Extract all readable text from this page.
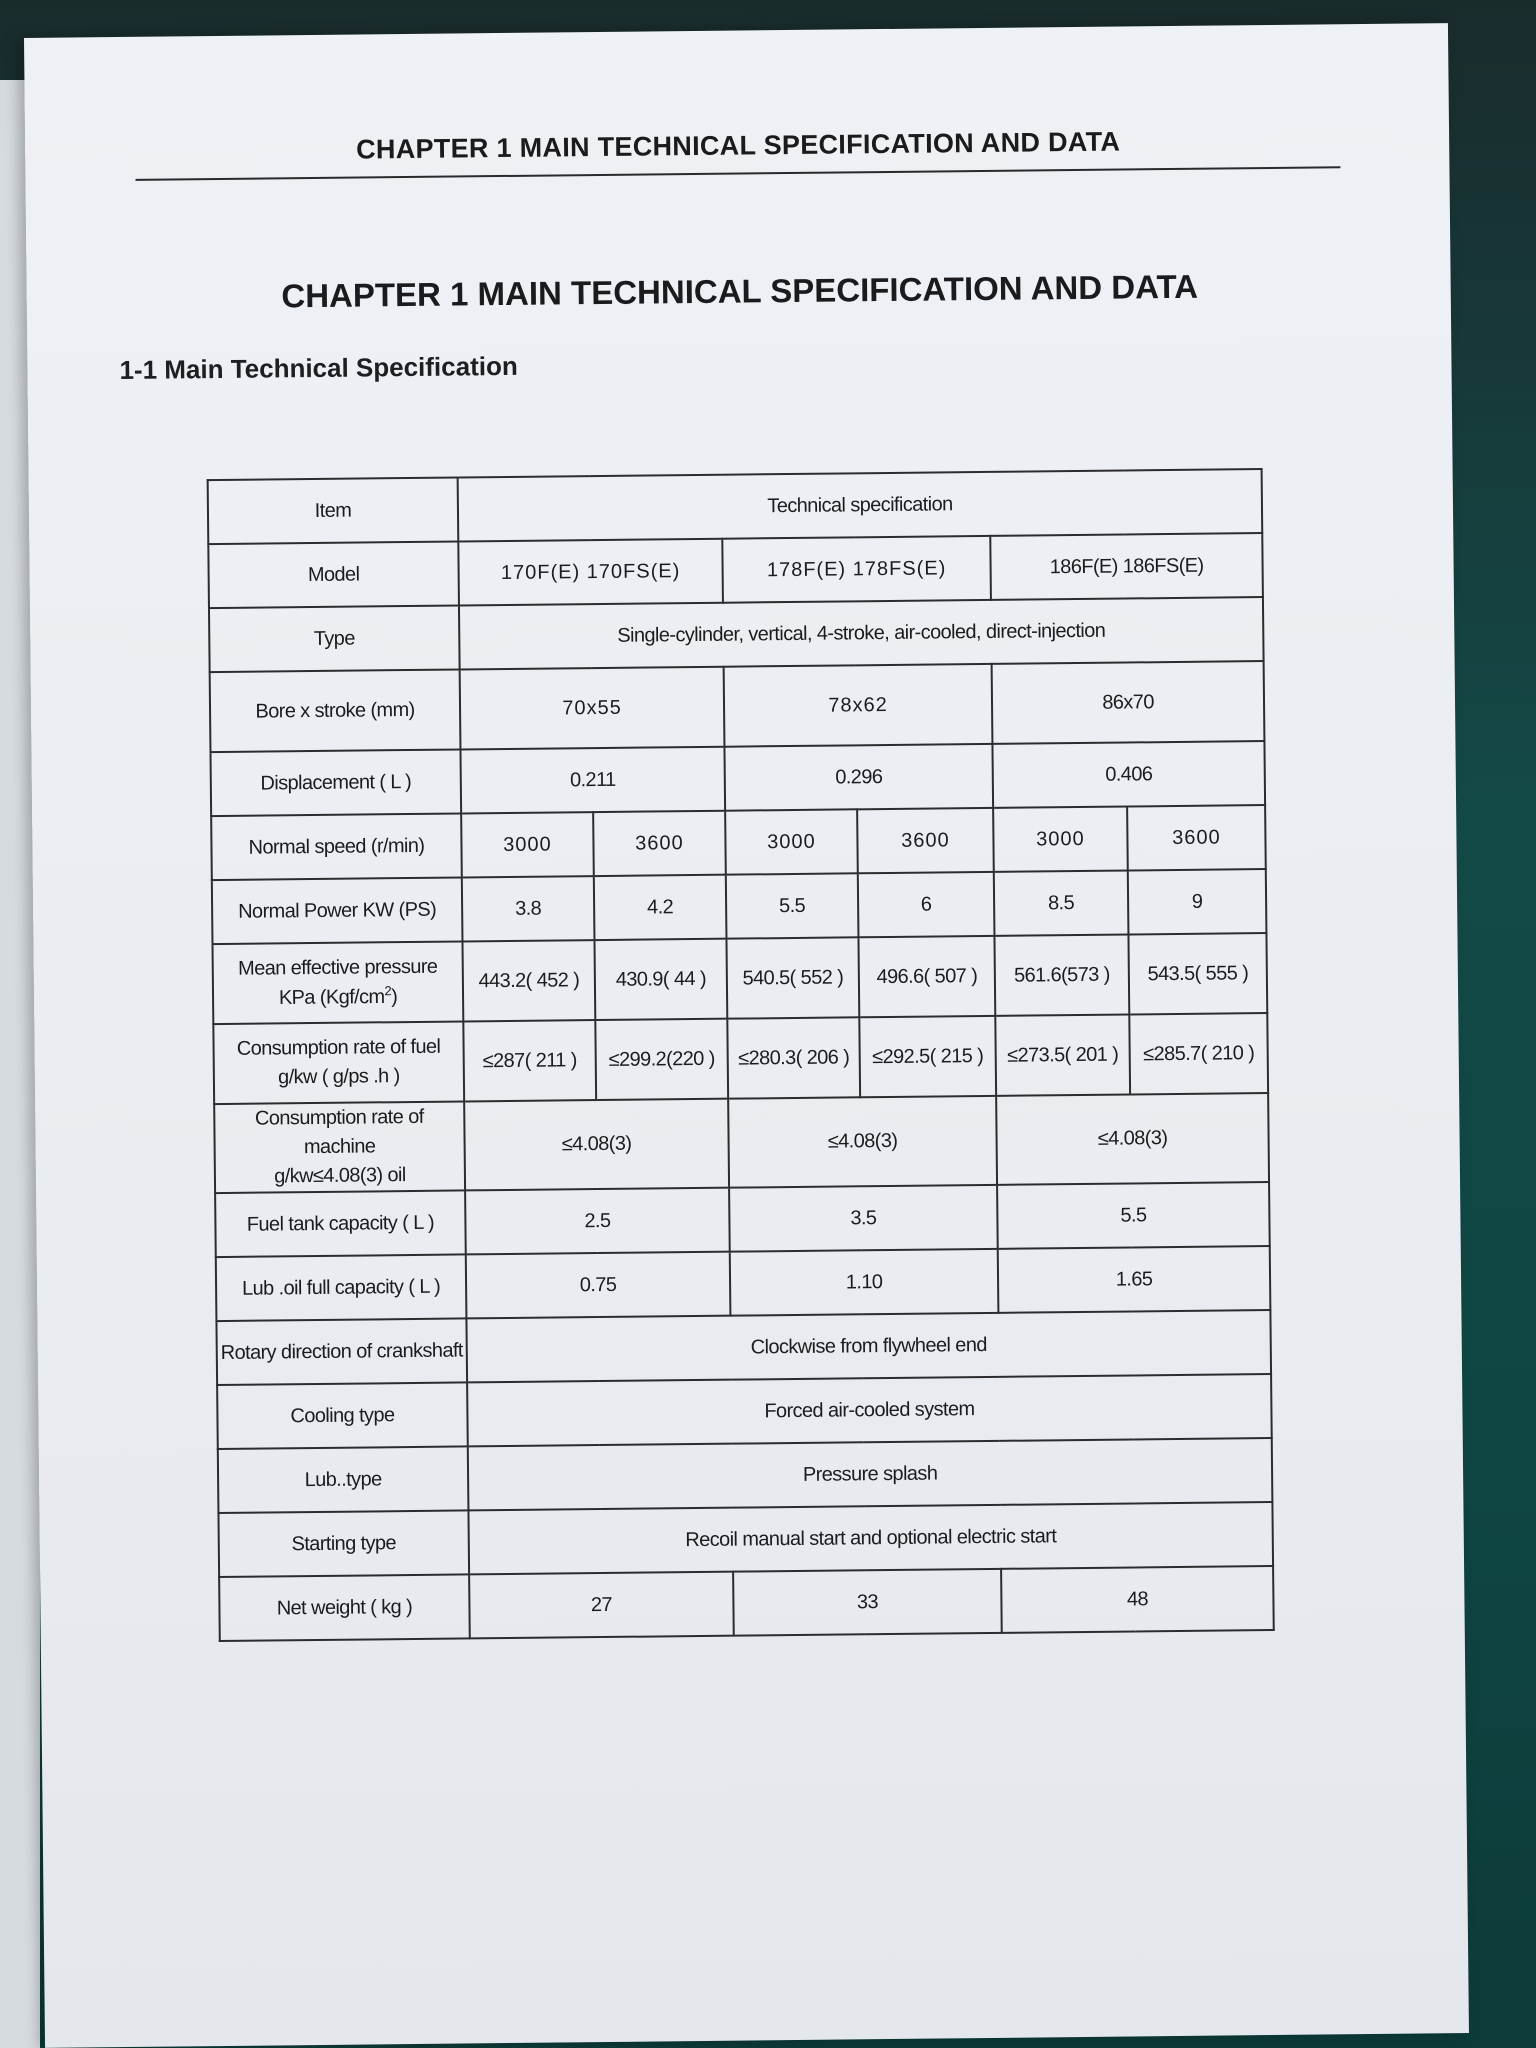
CHAPTER 1 MAIN TECHNICAL SPECIFICATION AND DATA
CHAPTER 1 MAIN TECHNICAL SPECIFICATION AND DATA
1-1 Main Technical Specification
Item	Technical specification					
Model	170F(E) 170FS(E)		178F(E) 178FS(E)		186F(E) 186FS(E)	
Type	Single-cylinder, vertical, 4-stroke, air-cooled, direct-injection					
Bore x stroke (mm)	70x55		78x62		86x70	
Displacement ( L )	0.211		0.296		0.406	
Normal speed (r/min)	3000	3600	3000	3600	3000	3600
Normal Power KW (PS)	3.8	4.2	5.5	6	8.5	9

Mean effective pressure
KPa $(Kgf/cm^2)$	443.2( 452 )	430.9( 44 )	540.5( 552 )	496.6( 507 )	561.6(573 )	543.5( 555 )

Consumption rate of fuel
g/kw ( g/ps .h )	≤287( 211 )	≤299.2(220 )	≤280.3( 206 )	≤292.5( 215 )	≤273.5( 201 )	≤285.7( 210 )

Consumption rate of machine
g/kw≤4.08(3) oil	≤4.08(3)		≤4.08(3)		≤4.08(3)	
Fuel tank capacity ( L )	2.5		3.5		5.5	
Lub .oil full capacity ( L )	0.75		1.10		1.65	
Rotary direction of crankshaft	Clockwise from flywheel end					
Cooling type	Forced air-cooled system					
Lub..type	Pressure splash					
Starting type	Recoil manual start and optional electric start					
Net weight ( kg )	27		33		48	
